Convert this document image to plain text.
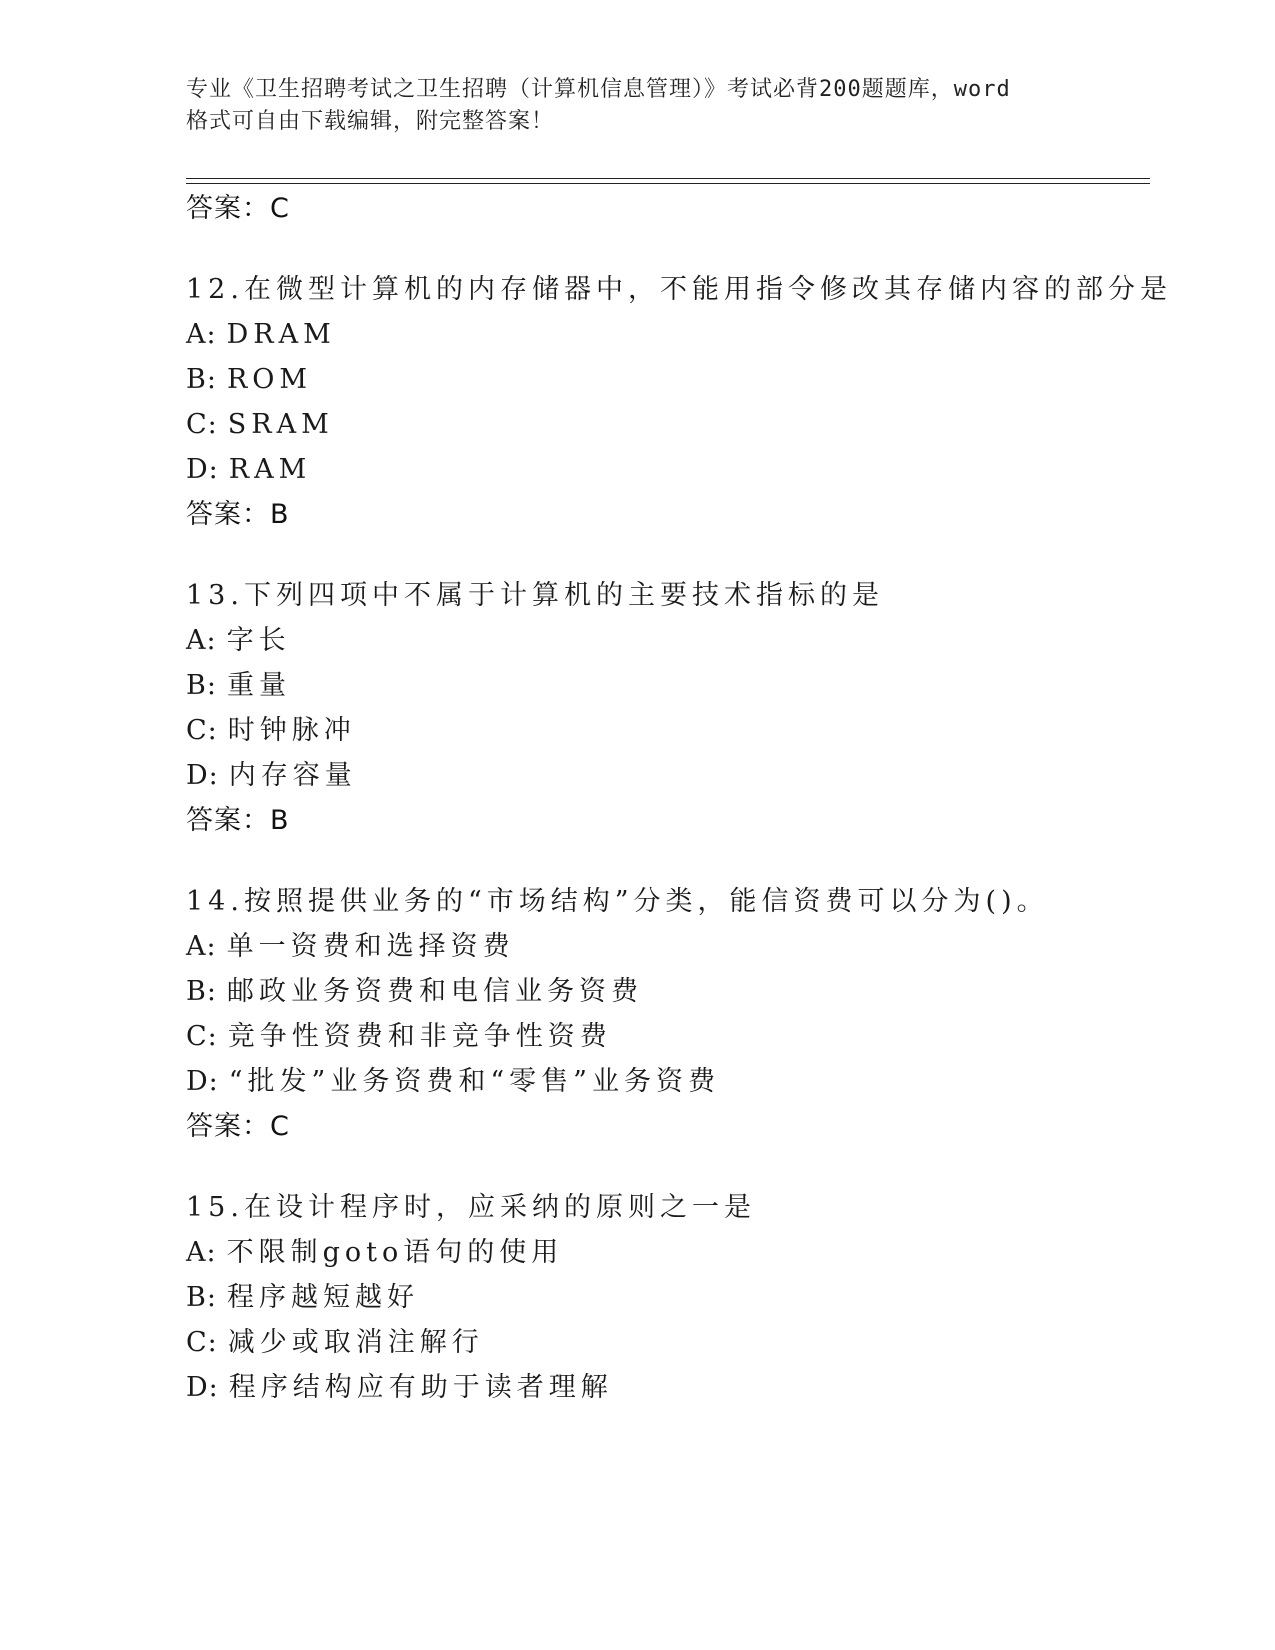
专业《卫生招聘考试之卫生招聘（计算机信息管理）》考试必背200题题库，word
格式可自由下载编辑，附完整答案！
答案：C
12.在微型计算机的内存储器中，不能用指令修改其存储内容的部分是
A: DRAM
B: ROM
C: SRAM
D: RAM
答案：B
13.下列四项中不属于计算机的主要技术指标的是
A: 字长
B: 重量
C: 时钟脉冲
D: 内存容量
答案：B
14.按照提供业务的“市场结构”分类，能信资费可以分为()。
A: 单一资费和选择资费
B: 邮政业务资费和电信业务资费
C: 竞争性资费和非竞争性资费
D: “批发”业务资费和“零售”业务资费
答案：C
15.在设计程序时，应采纳的原则之一是
A: 不限制goto语句的使用
B: 程序越短越好
C: 减少或取消注解行
D: 程序结构应有助于读者理解
